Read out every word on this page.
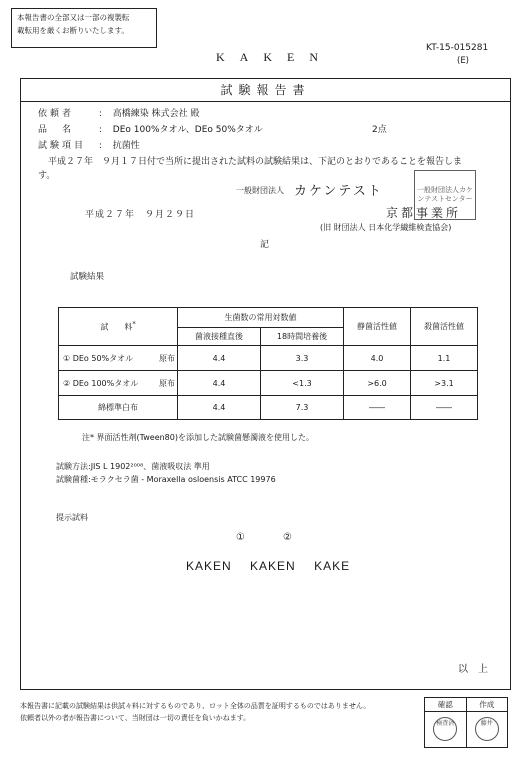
本報告書の全部又は一部の複製転
載転用を厳くお断りいたします。
KAKEN
KT-15-015281
(E)
試験報告書
依頼者	: 高橋練染 株式会社 殿
品　名	: DEo 100%タオル、DEo 50%タオル	2点
試験項目 : 抗菌性
平成２７年　９月１７日付で当所に提出された試料の試験結果は、下記のとおりであることを報告します。
一般財団法人 カケンテスト	一般財団法人カケンテストセンター
京都事業所
(旧 財団法人 日本化学繊維検査協会)
平成２７年　９月２９日
記
試験結果
試　　料*		生菌数の常用対数値		静菌活性値	殺菌活性値
		菌液接種直後	18時間培養後		
① DEo 50%タオル	原布	4.4	3.3	4.0	1.1
② DEo 100%タオル	原布	4.4	<1.3	>6.0	>3.1
綿標準白布		4.4	7.3	――	――
注* 界面活性剤(Tween80)を添加した試験菌懸濁液を使用した。
試験方法:JIS L 1902²⁰⁰⁸、菌液吸収法 準用
試験菌種:モラクセラ菌 - Moraxella osloensis ATCC 19976
提示試料
①	②
KAKEN KAKEN KAKE
以上
本報告書に記載の試験結果は供試々料に対するものであり、ロット全体の品質を証明するものではありません。
依頼者以外の者が報告書について、当財団は一切の責任を負いかねます。
確認	作成
検査済	藤井
